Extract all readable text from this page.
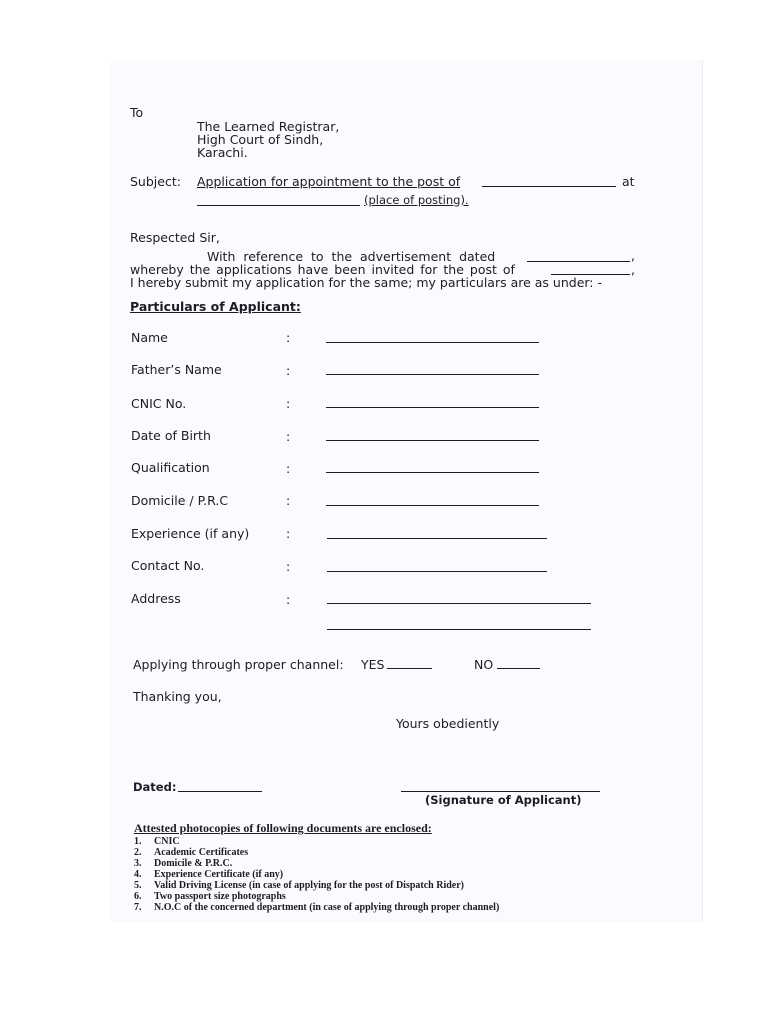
To
The Learned Registrar,
High Court of Sindh,
Karachi.
Subject: Application for appointment to the post of	at
(place of posting).
Respected Sir,
With reference to the advertisement dated	,
whereby the applications have been invited for the post of	,
I hereby submit my application for the same; my particulars are as under: -
Particulars of Applicant:
Name	:
Father’s Name	:
CNIC No.	:
Date of Birth	:
Qualification	:
Domicile / P.R.C	:
Experience (if any)	:
Contact No.	:
Address	:
Applying through proper channel: YES	NO
Thanking you,
Yours obediently
Dated:
(Signature of Applicant)
Attested photocopies of following documents are enclosed:
1. CNIC
2. Academic Certificates
3. Domicile & P.R.C.
4. Experience Certificate (if any)
5. Valid Driving License (in case of applying for the post of Dispatch Rider)
6. Two passport size photographs
7. N.O.C of the concerned department (in case of applying through proper channel)
